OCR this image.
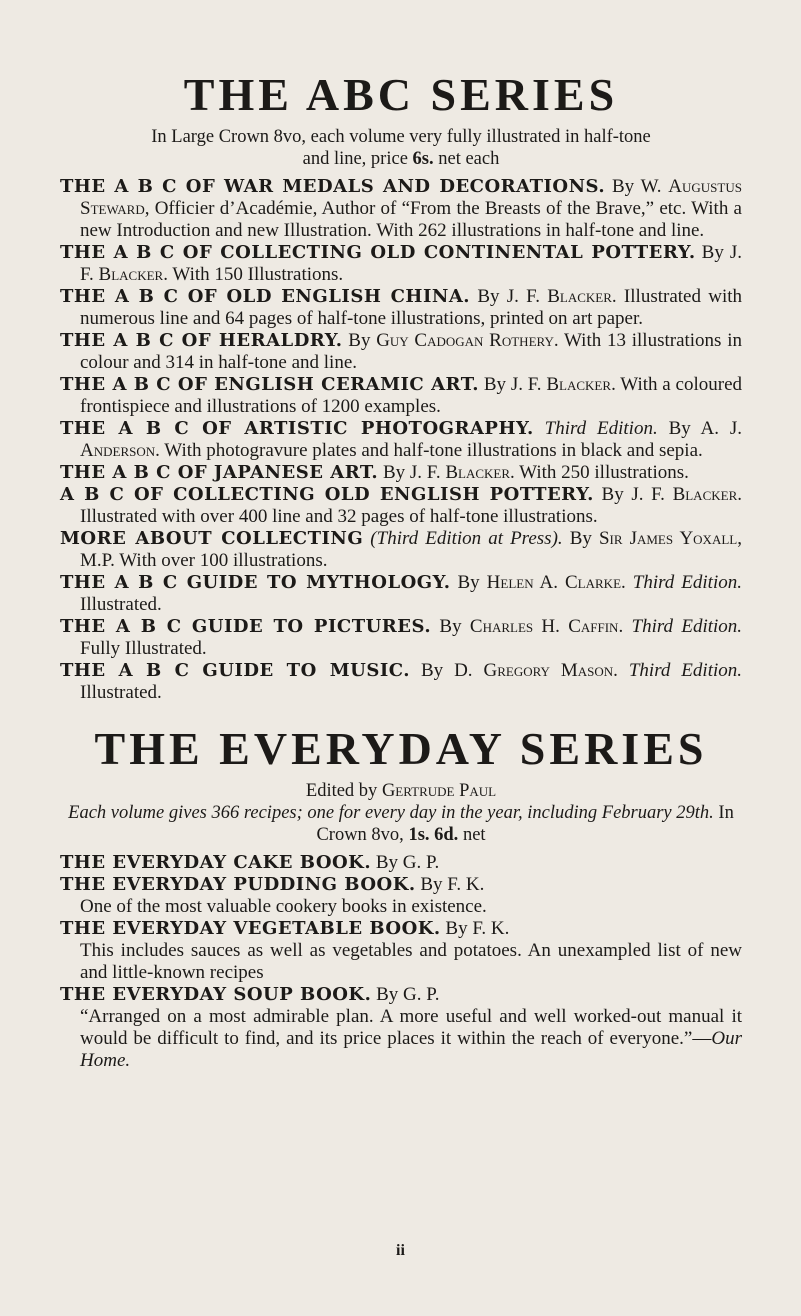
THE ABC SERIES

In Large Crown 8vo, each volume very fully illustrated in half-tone
and line, price 6s. net each

THE A B C OF WAR MEDALS AND DECORATIONS. By W. Augustus Steward, Officier d’Académie, Author of “From the Breasts of the Brave,” etc. With a new Introduction and new Illustration. With 262 illustrations in half-tone and line.

THE A B C OF COLLECTING OLD CONTINENTAL POTTERY. By J. F. Blacker. With 150 Illustrations.

THE A B C OF OLD ENGLISH CHINA. By J. F. Blacker. Illustrated with numerous line and 64 pages of half-tone illustrations, printed on art paper.

THE A B C OF HERALDRY. By Guy Cadogan Rothery. With 13 illustrations in colour and 314 in half-tone and line.

THE A B C OF ENGLISH CERAMIC ART. By J. F. Blacker. With a coloured frontispiece and illustrations of 1200 examples.

THE A B C OF ARTISTIC PHOTOGRAPHY. Third Edition. By A. J. Anderson. With photogravure plates and half-tone illustrations in black and sepia.

THE A B C OF JAPANESE ART. By J. F. Blacker. With 250 illustrations.

A B C OF COLLECTING OLD ENGLISH POTTERY. By J. F. Blacker. Illustrated with over 400 line and 32 pages of half-tone illustrations.

MORE ABOUT COLLECTING (Third Edition at Press). By Sir James Yoxall, M.P. With over 100 illustrations.

THE A B C GUIDE TO MYTHOLOGY. By Helen A. Clarke. Third Edition. Illustrated.

THE A B C GUIDE TO PICTURES. By Charles H. Caffin. Third Edition. Fully Illustrated.

THE A B C GUIDE TO MUSIC. By D. Gregory Mason. Third Edition. Illustrated.

THE EVERYDAY SERIES

Edited by Gertrude Paul

Each volume gives 366 recipes; one for every day in the year, including February 29th. In Crown 8vo, 1s. 6d. net

THE EVERYDAY CAKE BOOK. By G. P.

THE EVERYDAY PUDDING BOOK. By F. K.
One of the most valuable cookery books in existence.

THE EVERYDAY VEGETABLE BOOK. By F. K.
This includes sauces as well as vegetables and potatoes. An unexampled list of new and little-known recipes

THE EVERYDAY SOUP BOOK. By G. P.
“Arranged on a most admirable plan. A more useful and well worked-out manual it would be difficult to find, and its price places it within the reach of everyone.”—Our Home.

ii
